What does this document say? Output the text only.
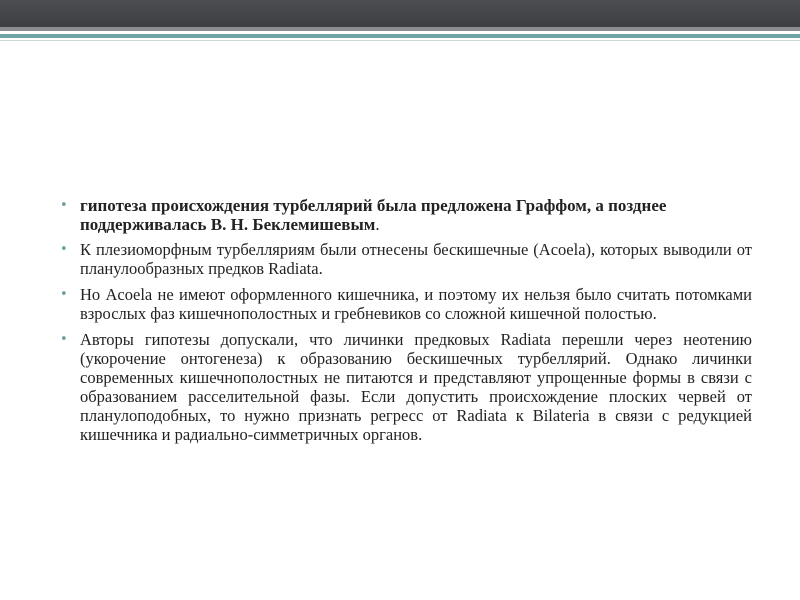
• гипотеза происхождения турбеллярий была предложена Граффом, а позднее поддерживалась В. Н. Беклемишевым.
• К плезиоморфным турбелляриям были отнесены бескишечные (Acoela), которых выводили от планулообразных предков Radiata.
• Но Acoela не имеют оформленного кишечника, и поэтому их нельзя было считать потомками взрослых фаз кишечнополостных и гребневиков со сложной кишечной полостью.
• Авторы гипотезы допускали, что личинки предковых Radiata перешли через неотению (укорочение онтогенеза) к образованию бескишечных турбеллярий. Однако личинки современных кишечнополостных не питаются и представляют упрощенные формы в связи с образованием расселительной фазы. Если допустить происхождение плоских червей от планулоподобных, то нужно признать регресс от Radiata к Bilateria в связи с редукцией кишечника и радиально-симметричных органов.
